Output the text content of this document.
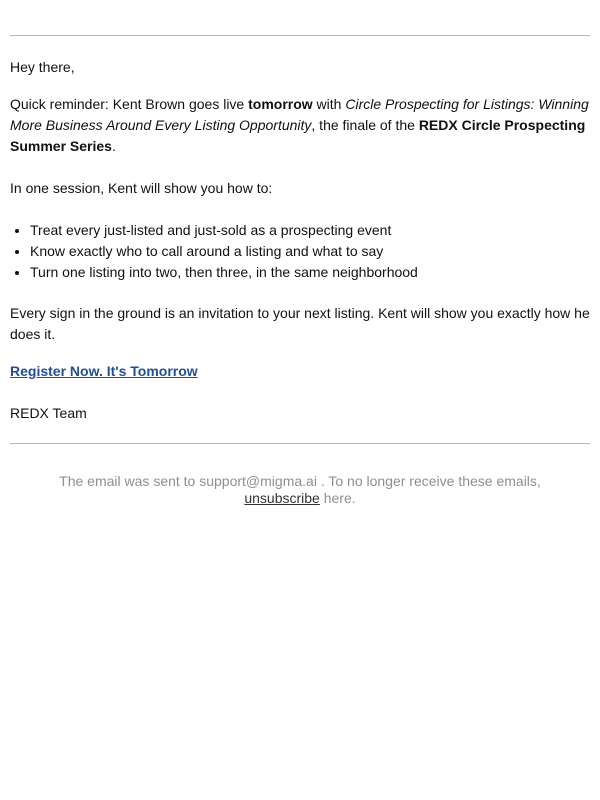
Hey there,

Quick reminder: Kent Brown goes live tomorrow with Circle Prospecting for Listings: Winning More Business Around Every Listing Opportunity, the finale of the REDX Circle Prospecting Summer Series.

In one session, Kent will show you how to:

• Treat every just-listed and just-sold as a prospecting event
• Know exactly who to call around a listing and what to say
• Turn one listing into two, then three, in the same neighborhood

Every sign in the ground is an invitation to your next listing. Kent will show you exactly how he does it.

Register Now. It's Tomorrow

REDX Team

The email was sent to support@migma.ai . To no longer receive these emails,
unsubscribe here.
